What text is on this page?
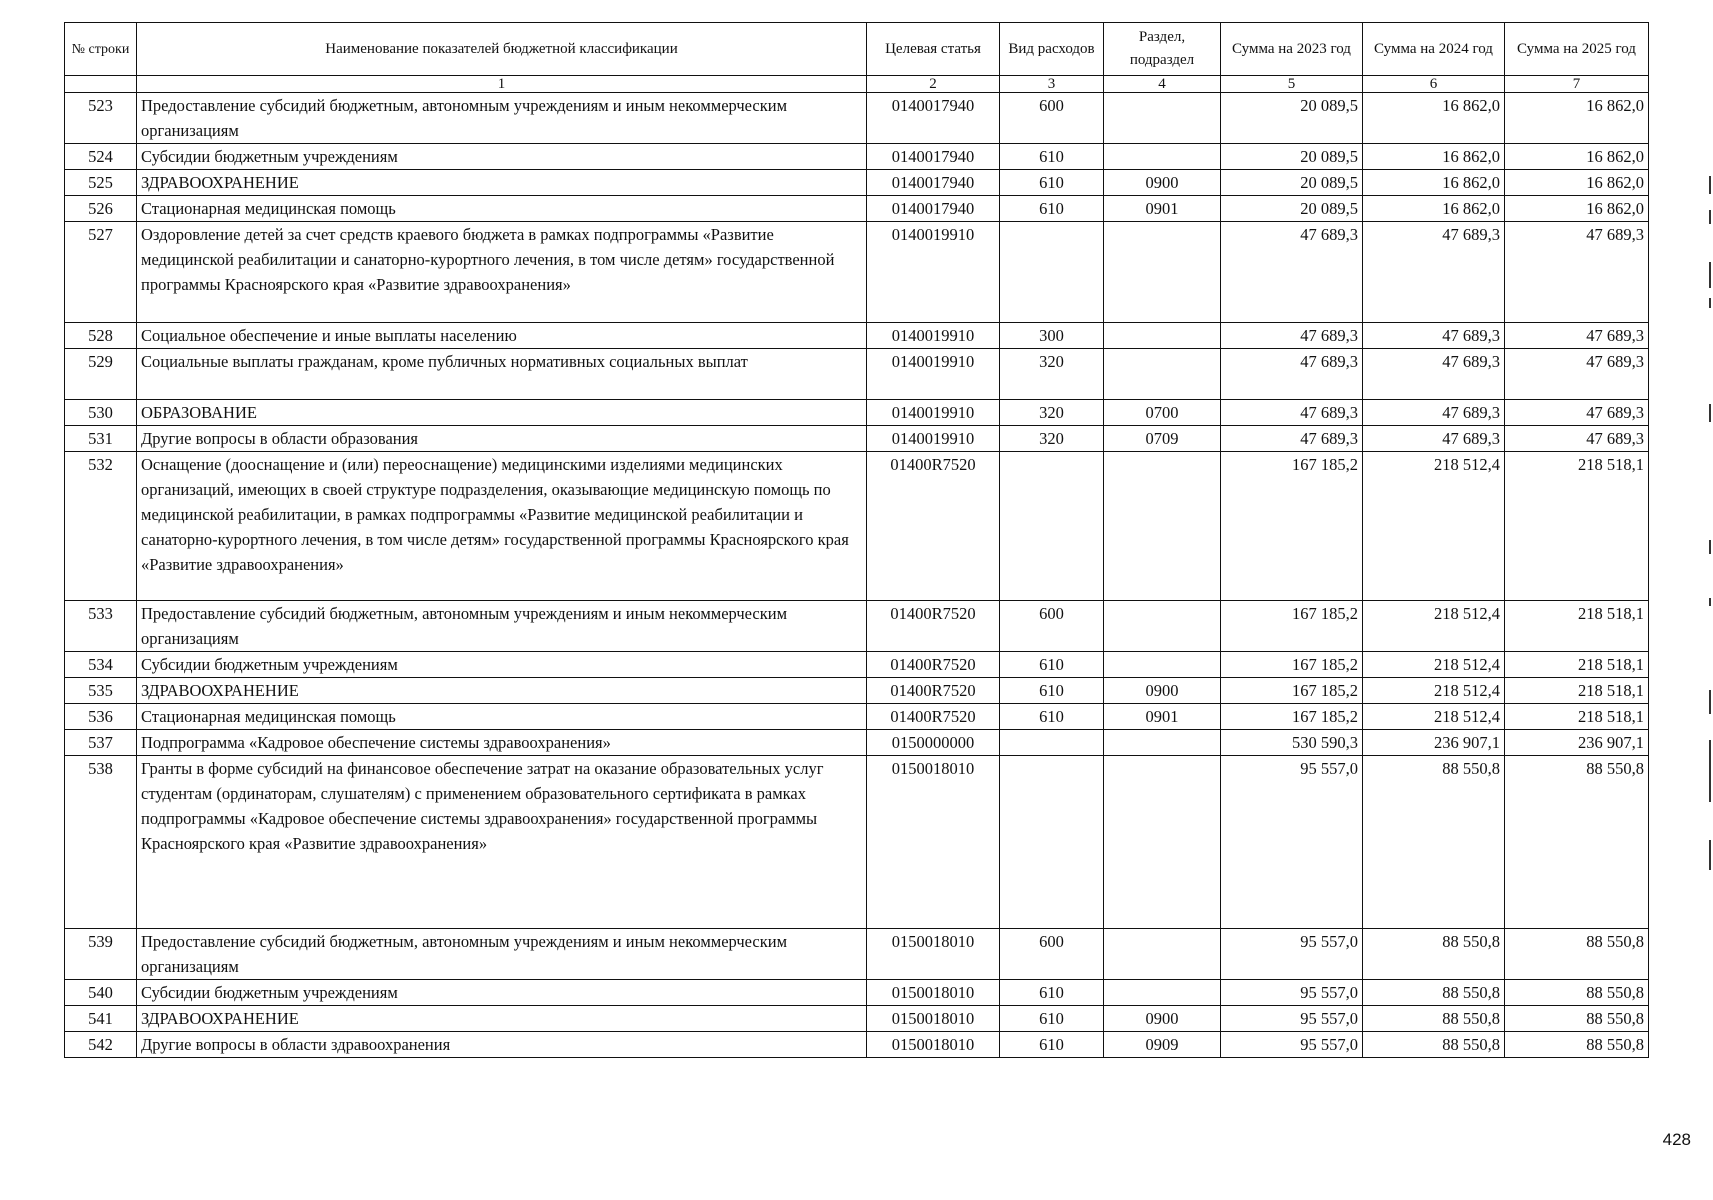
№ строки	Наименование показателей бюджетной классификации	Целевая статья	Вид расходов	Раздел, подраздел	Сумма на 2023 год	Сумма на 2024 год	Сумма на 2025 год
	1	2	3	4	5	6	7
523	Предоставление субсидий бюджетным, автономным учреждениям и иным некоммерческим организациям	0140017940	600		20 089,5	16 862,0	16 862,0
524	Субсидии бюджетным учреждениям	0140017940	610		20 089,5	16 862,0	16 862,0
525	ЗДРАВООХРАНЕНИЕ	0140017940	610	0900	20 089,5	16 862,0	16 862,0
526	Стационарная медицинская помощь	0140017940	610	0901	20 089,5	16 862,0	16 862,0
527	Оздоровление детей за счет средств краевого бюджета в рамках подпрограммы «Развитие медицинской реабилитации и санаторно-курортного лечения, в том числе детям» государственной программы Красноярского края «Развитие здравоохранения»	0140019910			47 689,3	47 689,3	47 689,3
528	Социальное обеспечение и иные выплаты населению	0140019910	300		47 689,3	47 689,3	47 689,3
529	Социальные выплаты гражданам, кроме публичных нормативных социальных выплат	0140019910	320		47 689,3	47 689,3	47 689,3
530	ОБРАЗОВАНИЕ	0140019910	320	0700	47 689,3	47 689,3	47 689,3
531	Другие вопросы в области образования	0140019910	320	0709	47 689,3	47 689,3	47 689,3
532	Оснащение (дооснащение и (или) переоснащение) медицинскими изделиями медицинских организаций, имеющих в своей структуре подразделения, оказывающие медицинскую помощь по медицинской реабилитации, в рамках подпрограммы «Развитие медицинской реабилитации и санаторно-курортного лечения, в том числе детям» государственной программы Красноярского края «Развитие здравоохранения»	01400R7520			167 185,2	218 512,4	218 518,1
533	Предоставление субсидий бюджетным, автономным учреждениям и иным некоммерческим организациям	01400R7520	600		167 185,2	218 512,4	218 518,1
534	Субсидии бюджетным учреждениям	01400R7520	610		167 185,2	218 512,4	218 518,1
535	ЗДРАВООХРАНЕНИЕ	01400R7520	610	0900	167 185,2	218 512,4	218 518,1
536	Стационарная медицинская помощь	01400R7520	610	0901	167 185,2	218 512,4	218 518,1
537	Подпрограмма «Кадровое обеспечение системы здравоохранения»	0150000000			530 590,3	236 907,1	236 907,1
538	Гранты в форме субсидий на финансовое обеспечение затрат на оказание образовательных услуг студентам (ординаторам, слушателям) с применением образовательного сертификата в рамках подпрограммы «Кадровое обеспечение системы здравоохранения» государственной программы Красноярского края «Развитие здравоохранения»	0150018010			95 557,0	88 550,8	88 550,8
539	Предоставление субсидий бюджетным, автономным учреждениям и иным некоммерческим организациям	0150018010	600		95 557,0	88 550,8	88 550,8
540	Субсидии бюджетным учреждениям	0150018010	610		95 557,0	88 550,8	88 550,8
541	ЗДРАВООХРАНЕНИЕ	0150018010	610	0900	95 557,0	88 550,8	88 550,8
542	Другие вопросы в области здравоохранения	0150018010	610	0909	95 557,0	88 550,8	88 550,8
428
